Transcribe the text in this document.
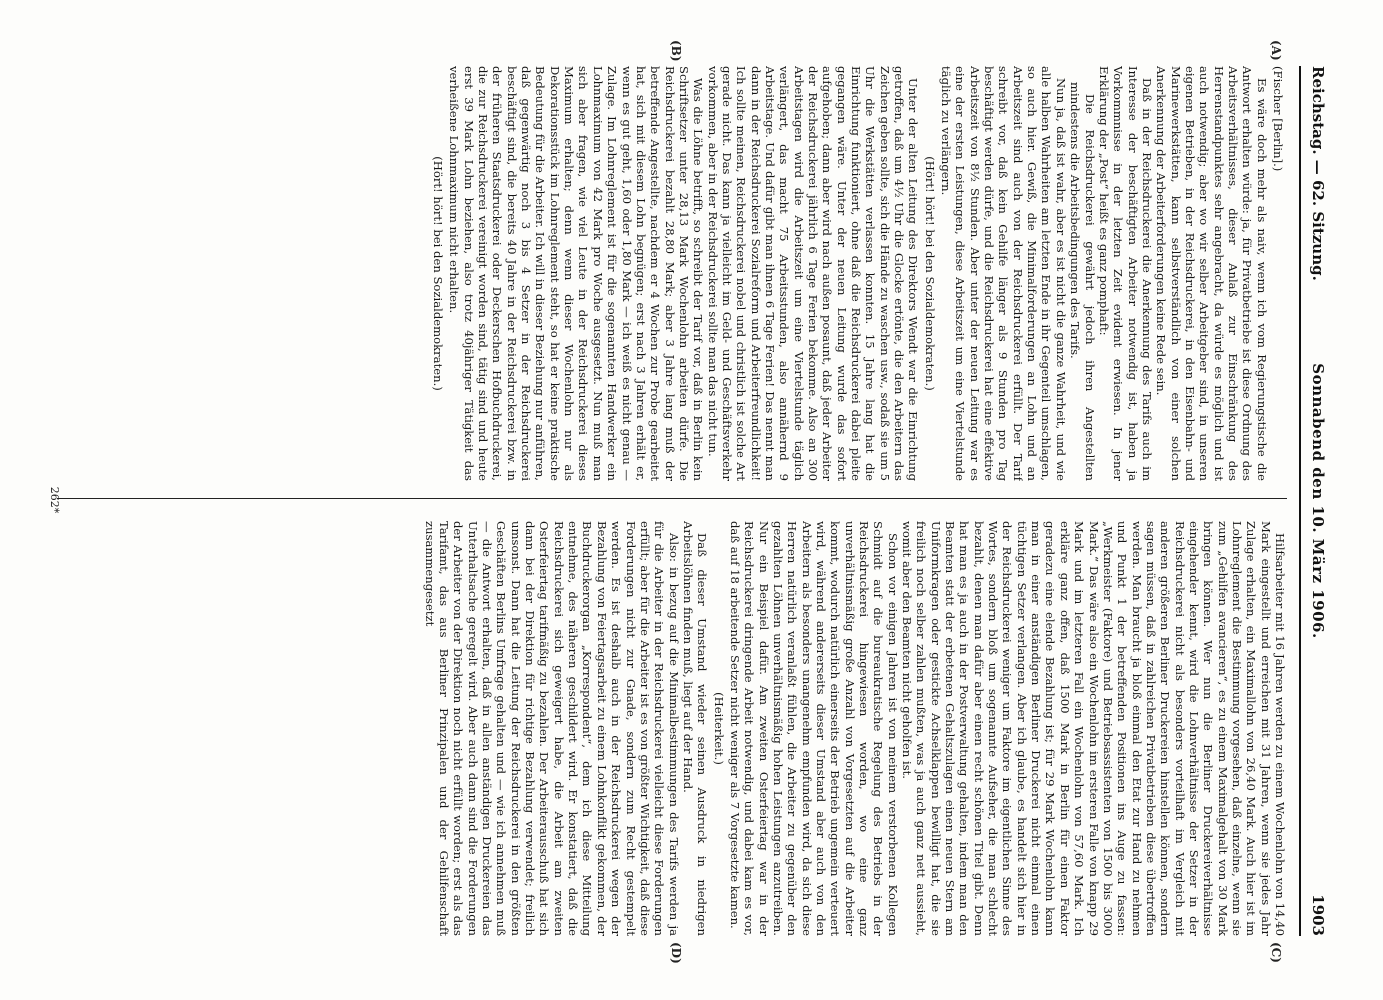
Reichstag. — 62. Sitzung.
Sonnabend den 10. März 1906.
1903
(A)
(B)
(C)
(D)

(Fischer [Berlin].)

Es wäre doch mehr als naiv, wenn ich vom Regierungstische die Antwort erhalten würde: ja, für Privatbetriebe ist diese Ordnung des Arbeitsverhältnisses, dieser Anlaß zur Einschränkung des Herrenstandpunktes sehr angebracht, da würde es möglich und ist auch notwendig; aber wo wir selber Arbeitgeber sind, in unseren eigenen Betrieben, in der Reichsdruckerei, in den Eisenbahn- und Marinewerkstätten, kann selbstverständlich von einer solchen Anerkennung der Arbeiterforderungen keine Rede sein.

Daß in der Reichsdruckerei die Anerkennung des Tarifs auch im Interesse der beschäftigten Arbeiter notwendig ist, haben ja Vorkommnisse in der letzten Zeit evident erwiesen. In jener Erklärung der „Post“ heißt es ganz pomphaft:

Die Reichsdruckerei gewährt jedoch ihren Angestellten mindestens die Arbeitsbedingungen des Tarifs.

Nun ja, daß ist wahr, aber es ist nicht die ganze Wahrheit, und wie alle halben Wahrheiten am letzten Ende in ihr Gegenteil umschlagen, so auch hier. Gewiß, die Minimalforderungen an Lohn und an Arbeitszeit sind auch von der Reichsdruckerei erfüllt. Der Tarif schreibt vor, daß kein Gehilfe länger als 9 Stunden pro Tag beschäftigt werden dürfe, und die Reichsdruckerei hat eine effektive Arbeitszeit von 8½ Stunden. Aber unter der neuen Leitung war es eine der ersten Leistungen, diese Arbeitszeit um eine Viertelstunde täglich zu verlängern.

(Hört! hört! bei den Sozialdemokraten.)

Unter der alten Leitung des Direktors Wendt war die Einrichtung getroffen, daß um 4½ Uhr die Glocke ertönte, die den Arbeitern das Zeichen geben sollte, sich die Hände zu waschen usw., sodaß sie um 5 Uhr die Werkstätten verlassen konnten. 15 Jahre lang hat die Einrichtung funktioniert, ohne daß die Reichsdruckerei dabei pleite gegangen wäre. Unter der neuen Leitung wurde das sofort aufgehoben; dann aber wird nach außen posaunt, daß jeder Arbeiter der Reichsdruckerei jährlich 6 Tage Ferien bekomme. Also an 300 Arbeitstagen wird die Arbeitszeit um eine Viertelstunde täglich verlängert, das macht 75 Arbeitsstunden, also annähernd 9 Arbeitstage. Und dafür gibt man ihnen 6 Tage Ferien! Das nennt man dann in der Reichsdruckerei Sozialreform und Arbeiterfreundlichkeit! Ich sollte meinen, Reichsdruckerei nobel und christlich ist solche Art gerade nicht. Das kann ja vielleicht im Geld- und Geschäftsverkehr vorkommen, aber in der Reichsdruckerei sollte man das nicht tun.

Was die Löhne betrifft, so schreibt der Tarif vor, daß in Berlin kein Schriftsetzer unter 28,13 Mark Wochenlohn arbeiten dürfe. Die Reichsdruckerei bezahlt 28,80 Mark; aber 3 Jahre lang muß der betreffende Angestellte, nachdem er 4 Wochen zur Probe gearbeitet hat, sich mit diesem Lohn begnügen; erst nach 3 Jahren erhält er, wenn es gut geht, 1,60 oder 1,80 Mark — ich weiß es nicht genau — Zulage. Im Lohnreglement ist für die sogenannten Handwerker ein Lohnmaximum von 42 Mark pro Woche ausgesetzt. Nun muß man sich aber fragen, wie viel Leute in der Reichsdruckerei dieses Maximum erhalten; denn wenn dieser Wochenlohn nur als Dekorationsstück im Lohnreglement steht, so hat er keine praktische Bedeutung für die Arbeiter. Ich will in dieser Beziehung nur anführen, daß gegenwärtig noch 3 bis 4 Setzer in der Reichsdruckerei beschäftigt sind, die bereits 40 Jahre in der Reichsdruckerei bzw. in der früheren Staatsdruckerei oder Deckerschen Hofbuchdruckerei, die zur Reichsdruckerei vereinigt worden sind, tätig sind und heute erst 39 Mark Lohn beziehen, also trotz 40jähriger Tätigkeit das verheißene Lohnmaximum nicht erhalten.

(Hört! hört! bei den Sozialdemokraten.)

Hilfsarbeiter mit 16 Jahren werden zu einem Wochenlohn von 14,40 Mark eingestellt und erreichen mit 31 Jahren, wenn sie jedes Jahr Zulage erhalten, ein Maximallohn von 26,40 Mark. Auch hier ist im Lohnreglement die Bestimmung vorgesehen, daß einzelne, wenn sie zum „Gehilfen avancieren“, es zu einem Maximalgehalt von 30 Mark bringen können. Wer nun die Berliner Druckereiverhältnisse eingehender kennt, wird die Lohnverhältnisse der Setzer in der Reichsdruckerei nicht als besonders vorteilhaft im Vergleich mit anderen größeren Berliner Druckereien hinstellen können, sondern sagen müssen, daß in zahlreichen Privatbetrieben diese übertroffen werden. Man braucht ja bloß einmal den Etat zur Hand zu nehmen und Punkt 1 der betreffenden Positionen ins Auge zu fassen: „Werkmeister (Faktore) und Betriebsassistenten von 1500 bis 3000 Mark.“ Das wäre also ein Wochenlohn im ersteren Falle von knapp 29 Mark und im letzteren Fall ein Wochenlohn von 57,60 Mark. Ich erkläre ganz offen, daß 1500 Mark in Berlin für einen Faktor geradezu eine elende Bezahlung ist; für 29 Mark Wochenlohn kann man in einer anständigen Berliner Druckerei nicht einmal einen tüchtigen Setzer verlangen. Aber ich glaube, es handelt sich hier in der Reichsdruckerei weniger um Faktore im eigentlichen Sinne des Wortes, sondern bloß um sogenannte Aufseher, die man schlecht bezahlt, denen man dafür aber einen recht schönen Titel gibt. Denn hat man es ja auch in der Postverwaltung gehalten, indem man den Beamten statt der erbetenen Gehaltszulagen einen neuen Stern am Uniformkragen oder gestickte Achselklappen bewilligt hat, die sie freilich noch selber zahlen mußten, was ja auch ganz nett aussieht, womit aber den Beamten nicht geholfen ist.

Schon vor einigen Jahren ist von meinem verstorbenen Kollegen Schmidt auf die bureaukratische Regelung des Betriebs in der Reichsdruckerei hingewiesen worden, wo eine ganz unverhältnismäßig große Anzahl von Vorgesetzten auf die Arbeiter kommt, wodurch natürlich einerseits der Betrieb ungemein verteuert wird, während andererseits dieser Umstand aber auch von den Arbeitern als besonders unangenehm empfunden wird, da sich diese Herren natürlich veranlaßt fühlen, die Arbeiter zu gegenüber den gezahlten Löhnen unverhältnismäßig hohen Leistungen anzutreiben. Nur ein Beispiel dafür. Am zweiten Osterfeiertag war in der Reichsdruckerei dringende Arbeit notwendig, und dabei kam es vor, daß auf 18 arbeitende Setzer nicht weniger als 7 Vorgesetzte kamen.

(Heiterkeit.)

Daß dieser Umstand wieder seinen Ausdruck in niedrigen Arbeitslöhnen finden muß, liegt auf der Hand.

Also: in bezug auf die Minimalbestimmungen des Tarifs werden ja für die Arbeiter in der Reichsdruckerei vielleicht diese Forderungen erfüllt; aber für die Arbeiter ist es von größter Wichtigkeit, daß diese Forderungen nicht zur Gnade, sondern zum Recht gestempelt werden. Es ist deshalb auch in der Reichsdruckerei wegen der Bezahlung von Feiertagsarbeit zu einem Lohnkonflikt gekommen, der Buchdruckerorgan „Korrespondent“, dem ich diese Mitteilung entnehme, des näheren geschildert wird. Er konstatiert, daß die Reichsdruckerei sich geweigert habe, die Arbeit am zweiten Osterfeiertag tarifmäßig zu bezahlen. Der Arbeiterausschuß hat sich dann bei der Direktion für richtige Bezahlung verwendet; freilich umsonst. Dann hat die Leitung der Reichsdruckerei in den größten Geschäften Berlins Umfrage gehalten und — wie ich annehmen muß — die Antwort erhalten, daß in allen anständigen Druckereien das Unterhaltsache geregelt wird. Aber auch dann sind die Forderungen der Arbeiter von der Direktion noch nicht erfüllt worden; erst als das Tarifamt, das aus Berliner Prinzipalen und der Gehilfenschaft zusammengesetzt

262*
